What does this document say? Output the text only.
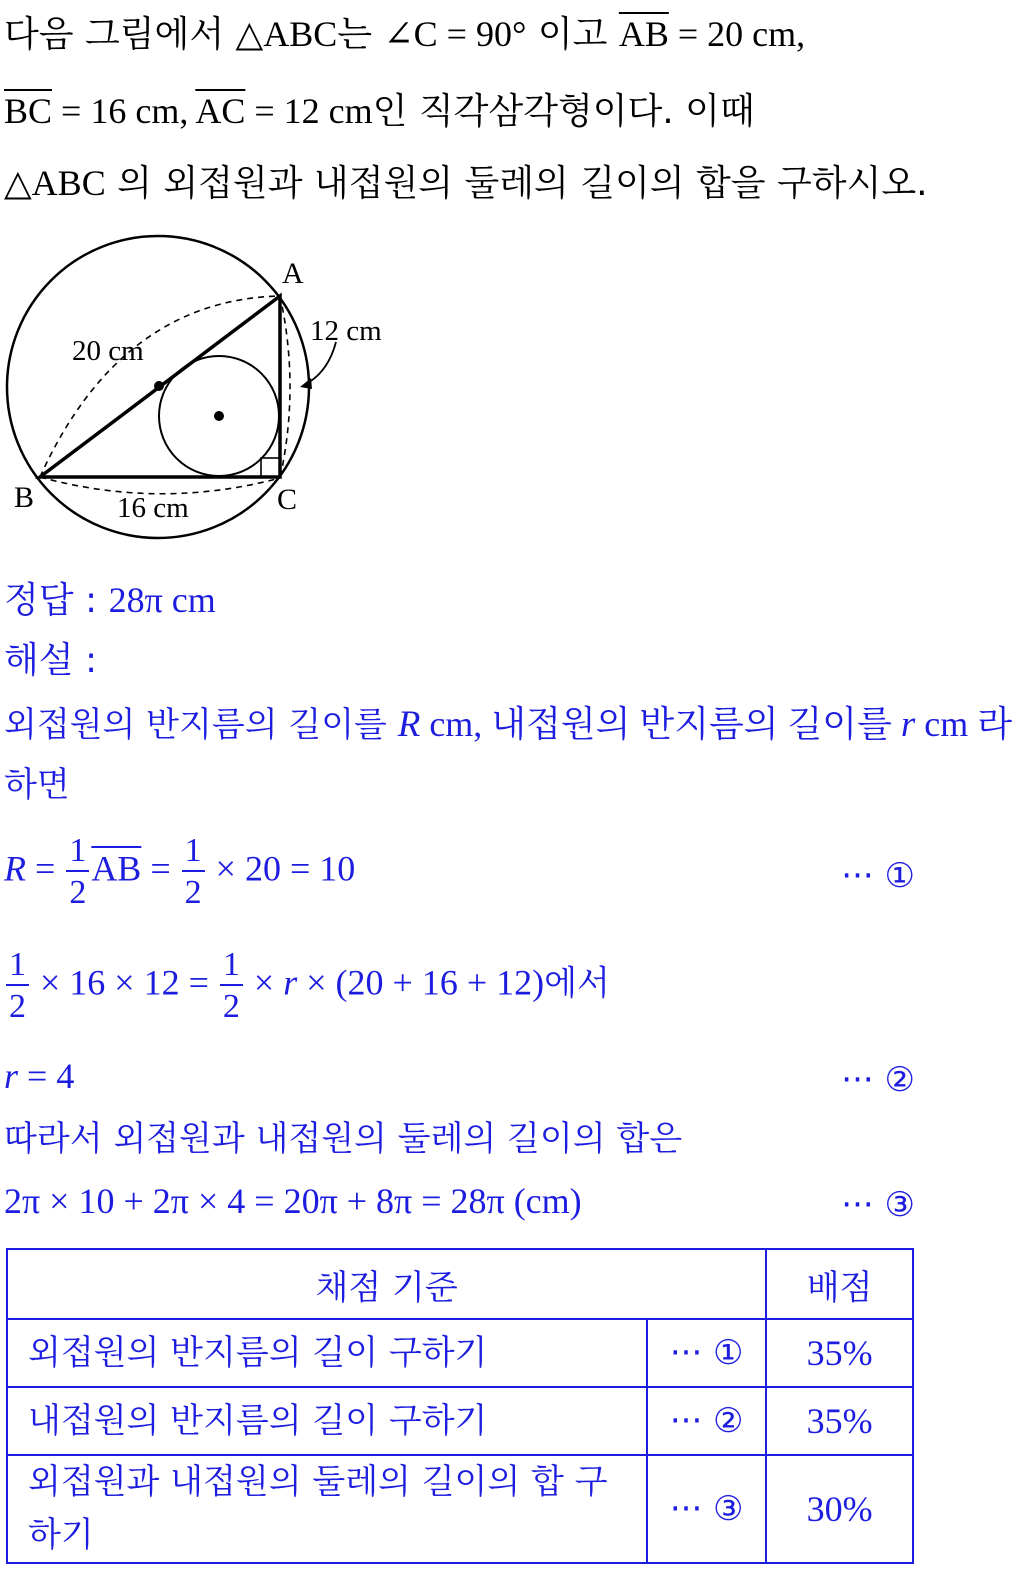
다음 그림에서 △ABC는 ∠C = 90° 이고 $\overline{AB} = 20$ cm,
$\overline{BC} = 16$ cm, $\overline{AC} = 12$ cm인 직각삼각형이다. 이때
△ABC 의 외접원과 내접원의 둘레의 길이의 합을 구하시오.
A
B	C
20 cm
12 cm
16 cm
정답 : 28π cm
해설 :
외접원의 반지름의 길이를 R cm, 내접원의 반지름의 길이를 r cm 라
하면
$R = \frac{1}{2} \overline{AB} = \frac{1}{2} \times 20 = 10$	··· ①
$\frac{1}{2} \times 16 \times 12 = \frac{1}{2} \times r \times (20 + 16 + 12)$에서
r = 4	··· ②
따라서 외접원과 내접원의 둘레의 길이의 합은
2π × 10 + 2π × 4 = 20π + 8π = 28π (cm)	··· ③
채점 기준		배점
외접원의 반지름의 길이 구하기	··· ①	35%
내접원의 반지름의 길이 구하기	··· ②	35%
외접원과 내접원의 둘레의 길이의 합 구하기	··· ③	30%
